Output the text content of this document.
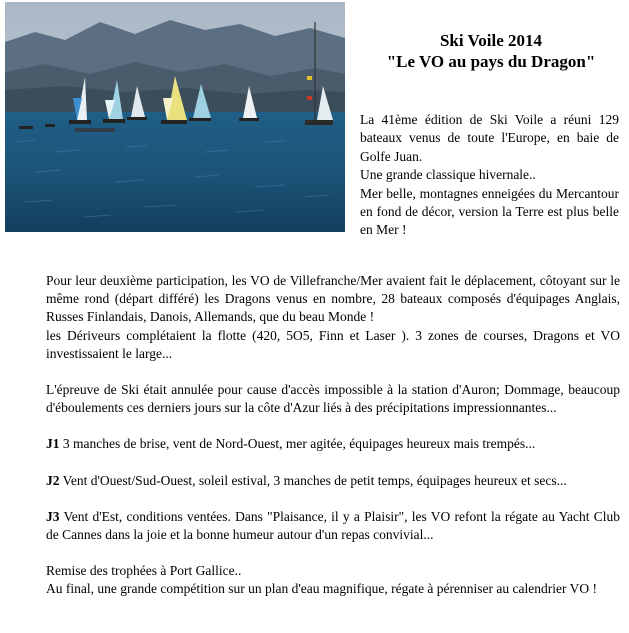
Ski Voile 2014
"Le VO au pays du Dragon"

La 41ème édition de Ski Voile a réuni 129 bateaux venus de toute l'Europe, en baie de Golfe Juan.

Une grande classique hivernale..

Mer belle, montagnes enneigées du Mercantour en fond de décor, version la Terre est plus belle en Mer !

Pour leur deuxième participation, les VO de Villefranche/Mer avaient fait le déplacement, côtoyant sur le même rond (départ différé) les Dragons venus en nombre, 28 bateaux composés d'équipages Anglais, Russes Finlandais, Danois, Allemands, que du beau Monde !

les Dériveurs complétaient la flotte (420, 5O5, Finn et Laser ). 3 zones de courses, Dragons et VO investissaient le large...

L'épreuve de Ski était annulée pour cause d'accès impossible à la station d'Auron; Dommage, beaucoup d'éboulements ces derniers jours sur la côte d'Azur liés à des précipitations impressionnantes...

J1 3 manches de brise, vent de Nord-Ouest, mer agitée, équipages heureux mais trempés...

J2 Vent d'Ouest/Sud-Ouest, soleil estival, 3 manches de petit temps, équipages heureux et secs...

J3 Vent d'Est, conditions ventées. Dans "Plaisance, il y a Plaisir", les VO refont la régate au Yacht Club de Cannes dans la joie et la bonne humeur autour d'un repas convivial...

Remise des trophées à Port Gallice..

Au final, une grande compétition sur un plan d'eau magnifique, régate à pérenniser au calendrier VO !
